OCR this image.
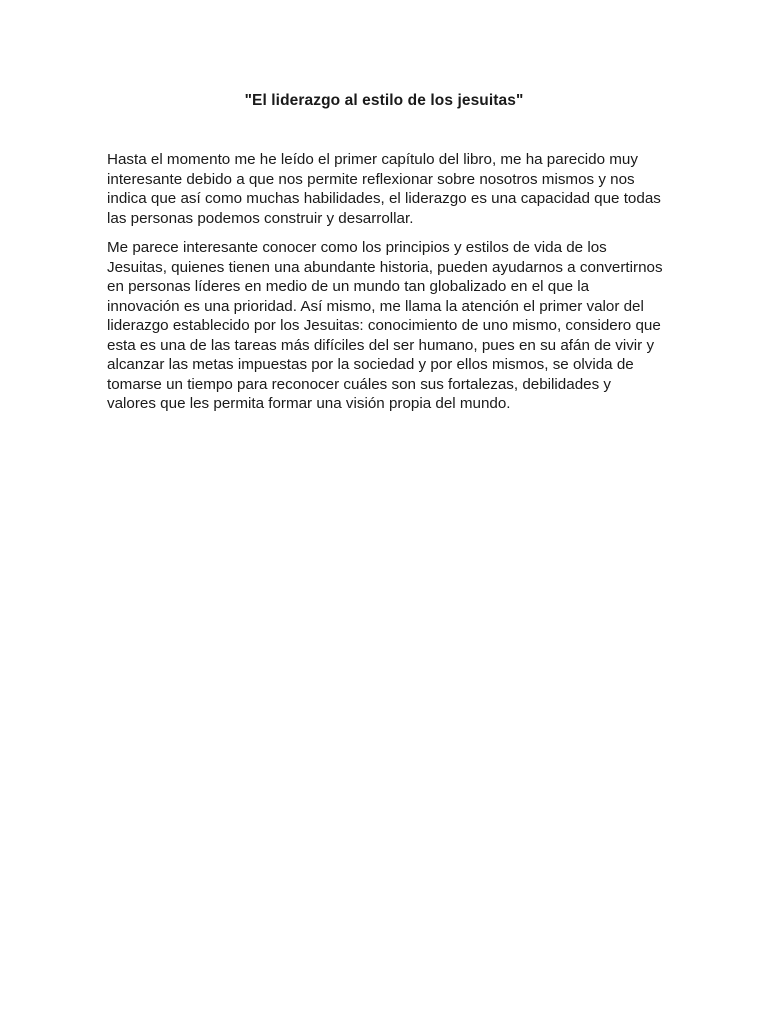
"El liderazgo al estilo de los jesuitas"

Hasta el momento me he leído el primer capítulo del libro, me ha parecido muy interesante debido a que nos permite reflexionar sobre nosotros mismos y nos indica que así como muchas habilidades, el liderazgo es una capacidad que todas las personas podemos construir y desarrollar.

Me parece interesante conocer como los principios y estilos de vida de los Jesuitas, quienes tienen una abundante historia, pueden ayudarnos a convertirnos en personas líderes en medio de un mundo tan globalizado en el que la innovación es una prioridad. Así mismo, me llama la atención el primer valor del liderazgo establecido por los Jesuitas: conocimiento de uno mismo, considero que esta es una de las tareas más difíciles del ser humano, pues en su afán de vivir y alcanzar las metas impuestas por la sociedad y por ellos mismos, se olvida de tomarse un tiempo para reconocer cuáles son sus fortalezas, debilidades y valores que les permita formar una visión propia del mundo.
